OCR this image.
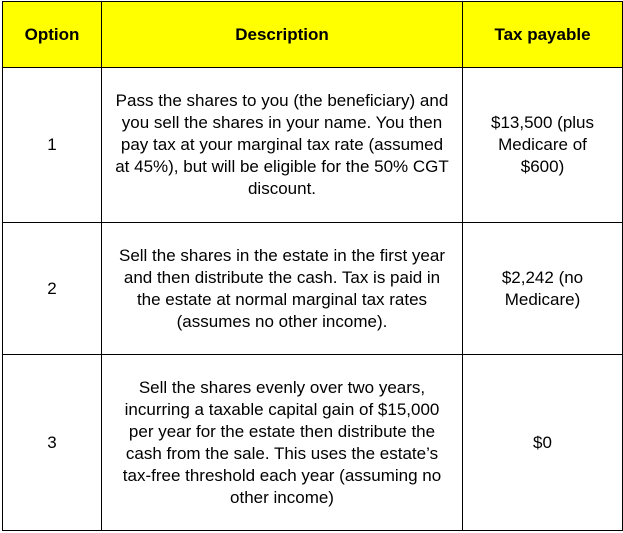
Option	Description	Tax payable
1	Pass the shares to you (the beneficiary) and you sell the shares in your name. You then pay tax at your marginal tax rate (assumed at 45%), but will be eligible for the 50% CGT discount.	$13,500 (plus Medicare of $600)

2	Sell the shares in the estate in the first year and then distribute the cash. Tax is paid in the estate at normal marginal tax rates (assumes no other income).	$2,242 (no Medicare)

3	Sell the shares evenly over two years, incurring a taxable capital gain of $15,000 per year for the estate then distribute the cash from the sale. This uses the estate’s tax-free threshold each year (assuming no other income)	$0
